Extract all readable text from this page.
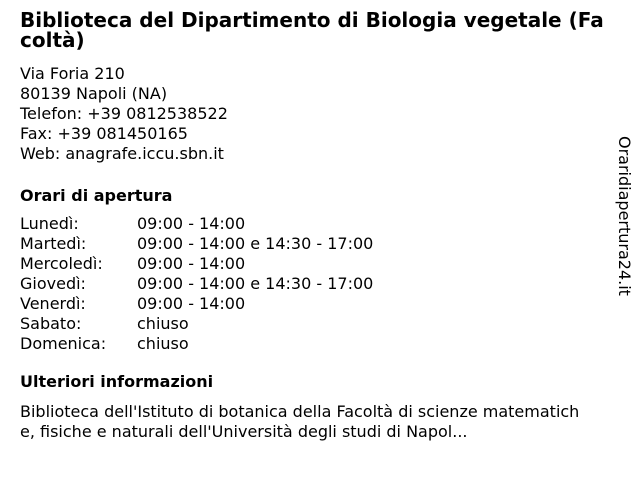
Biblioteca del Dipartimento di Biologia vegetale (Facoltà)
Via Foria 210
80139 Napoli (NA)
Telefon: +39 0812538522
Fax: +39 081450165
Web: anagrafe.iccu.sbn.it
Orari di apertura
Lunedì:	09:00 - 14:00
Martedì:	09:00 - 14:00 e 14:30 - 17:00
Mercoledì:	09:00 - 14:00
Giovedì:	09:00 - 14:00 e 14:30 - 17:00
Venerdì:	09:00 - 14:00
Sabato:	chiuso
Domenica:	chiuso
Ulteriori informazioni
Biblioteca dell'Istituto di botanica della Facoltà di scienze matematiche, fisiche e naturali dell'Università degli studi di Napol...
Oraridiapertura24.it
